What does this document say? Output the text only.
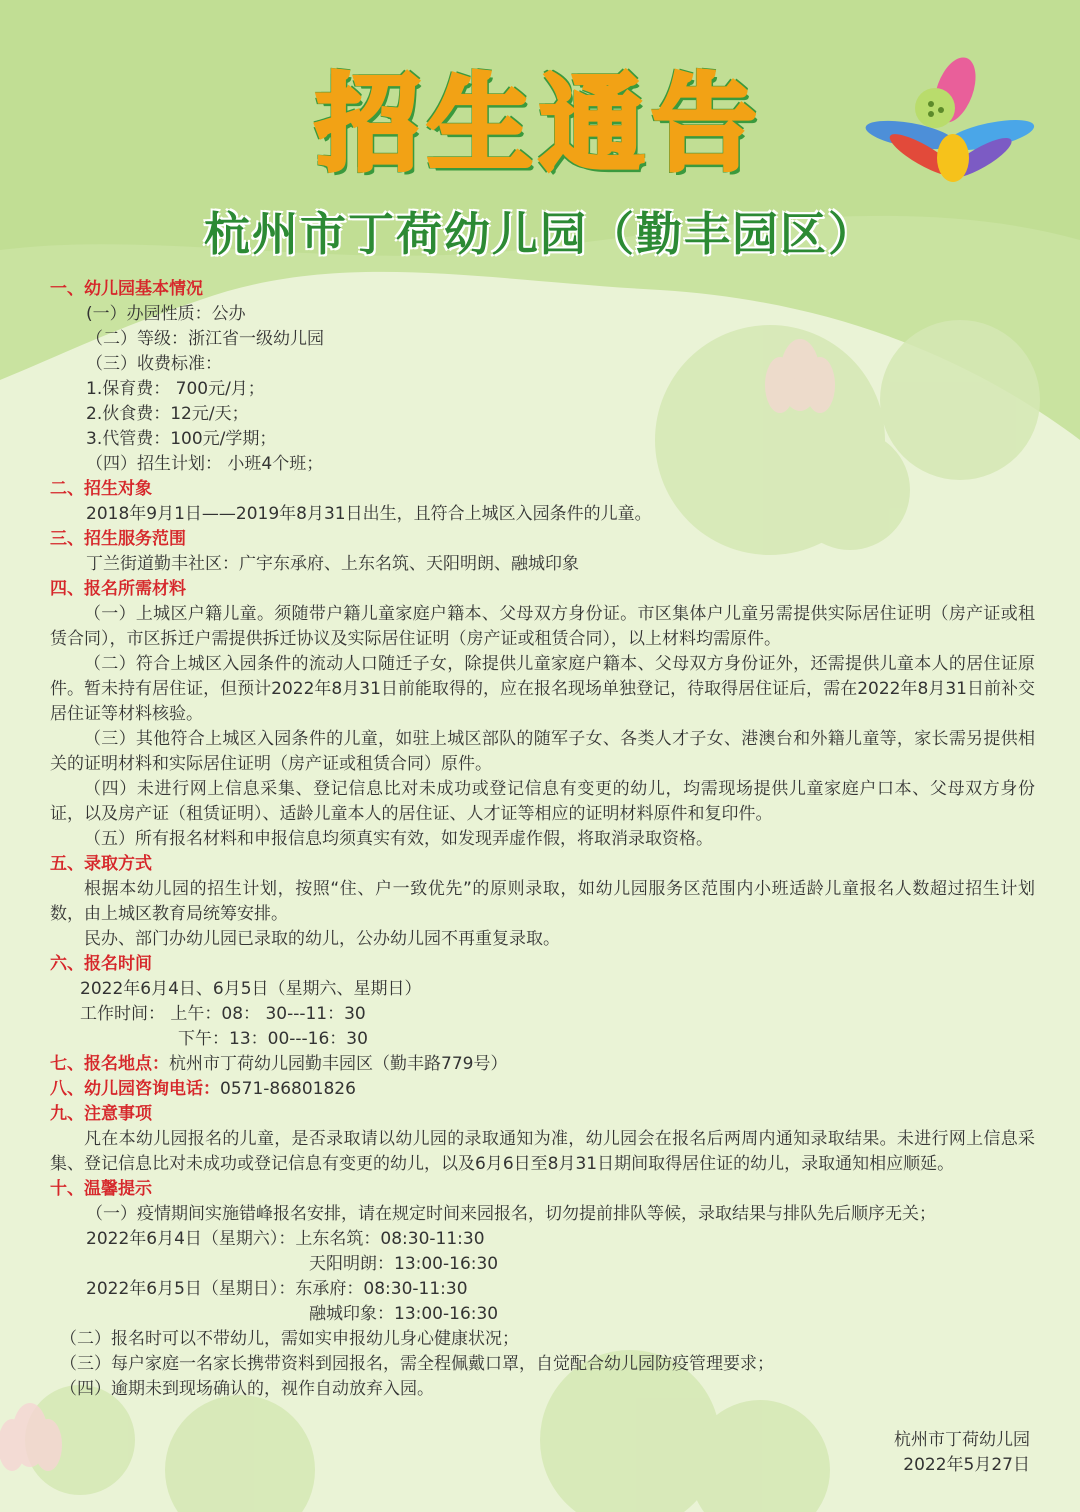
招生通告
杭州市丁荷幼儿园（勤丰园区）
一、幼儿园基本情况
(一）办园性质：公办
（二）等级：浙江省一级幼儿园
（三）收费标准：
1.保育费： 700元/月；
2.伙食费：12元/天；
3.代管费：100元/学期；
（四）招生计划： 小班4个班；
二、招生对象
2018年9月1日——2019年8月31日出生，且符合上城区入园条件的儿童。
三、招生服务范围
丁兰街道勤丰社区：广宇东承府、上东名筑、天阳明朗、融城印象
四、报名所需材料
（一）上城区户籍儿童。须随带户籍儿童家庭户籍本、父母双方身份证。市区集体户儿童另需提供实际居住证明（房产证或租赁合同），市区拆迁户需提供拆迁协议及实际居住证明（房产证或租赁合同），以上材料均需原件。
（二）符合上城区入园条件的流动人口随迁子女，除提供儿童家庭户籍本、父母双方身份证外，还需提供儿童本人的居住证原件。暂未持有居住证，但预计2022年8月31日前能取得的，应在报名现场单独登记，待取得居住证后，需在2022年8月31日前补交居住证等材料核验。
（三）其他符合上城区入园条件的儿童，如驻上城区部队的随军子女、各类人才子女、港澳台和外籍儿童等，家长需另提供相关的证明材料和实际居住证明（房产证或租赁合同）原件。
（四）未进行网上信息采集、登记信息比对未成功或登记信息有变更的幼儿，均需现场提供儿童家庭户口本、父母双方身份证，以及房产证（租赁证明）、适龄儿童本人的居住证、人才证等相应的证明材料原件和复印件。
（五）所有报名材料和申报信息均须真实有效，如发现弄虚作假，将取消录取资格。
五、录取方式
根据本幼儿园的招生计划，按照“住、户一致优先”的原则录取，如幼儿园服务区范围内小班适龄儿童报名人数超过招生计划数，由上城区教育局统筹安排。
民办、部门办幼儿园已录取的幼儿，公办幼儿园不再重复录取。
六、报名时间
2022年6月4日、6月5日（星期六、星期日）
工作时间： 上午：08： 30---11：30
下午：13：00---16：30
七、报名地点：杭州市丁荷幼儿园勤丰园区（勤丰路779号）
八、幼儿园咨询电话：0571-86801826
九、注意事项
凡在本幼儿园报名的儿童，是否录取请以幼儿园的录取通知为准，幼儿园会在报名后两周内通知录取结果。未进行网上信息采集、登记信息比对未成功或登记信息有变更的幼儿，以及6月6日至8月31日期间取得居住证的幼儿，录取通知相应顺延。
十、温馨提示
（一）疫情期间实施错峰报名安排，请在规定时间来园报名，切勿提前排队等候，录取结果与排队先后顺序无关；
2022年6月4日（星期六）：上东名筑：08:30-11:30
天阳明朗：13:00-16:30
2022年6月5日（星期日）：东承府：08:30-11:30
融城印象：13:00-16:30
（二）报名时可以不带幼儿，需如实申报幼儿身心健康状况；
（三）每户家庭一名家长携带资料到园报名，需全程佩戴口罩，自觉配合幼儿园防疫管理要求；
（四）逾期未到现场确认的，视作自动放弃入园。
杭州市丁荷幼儿园
2022年5月27日
